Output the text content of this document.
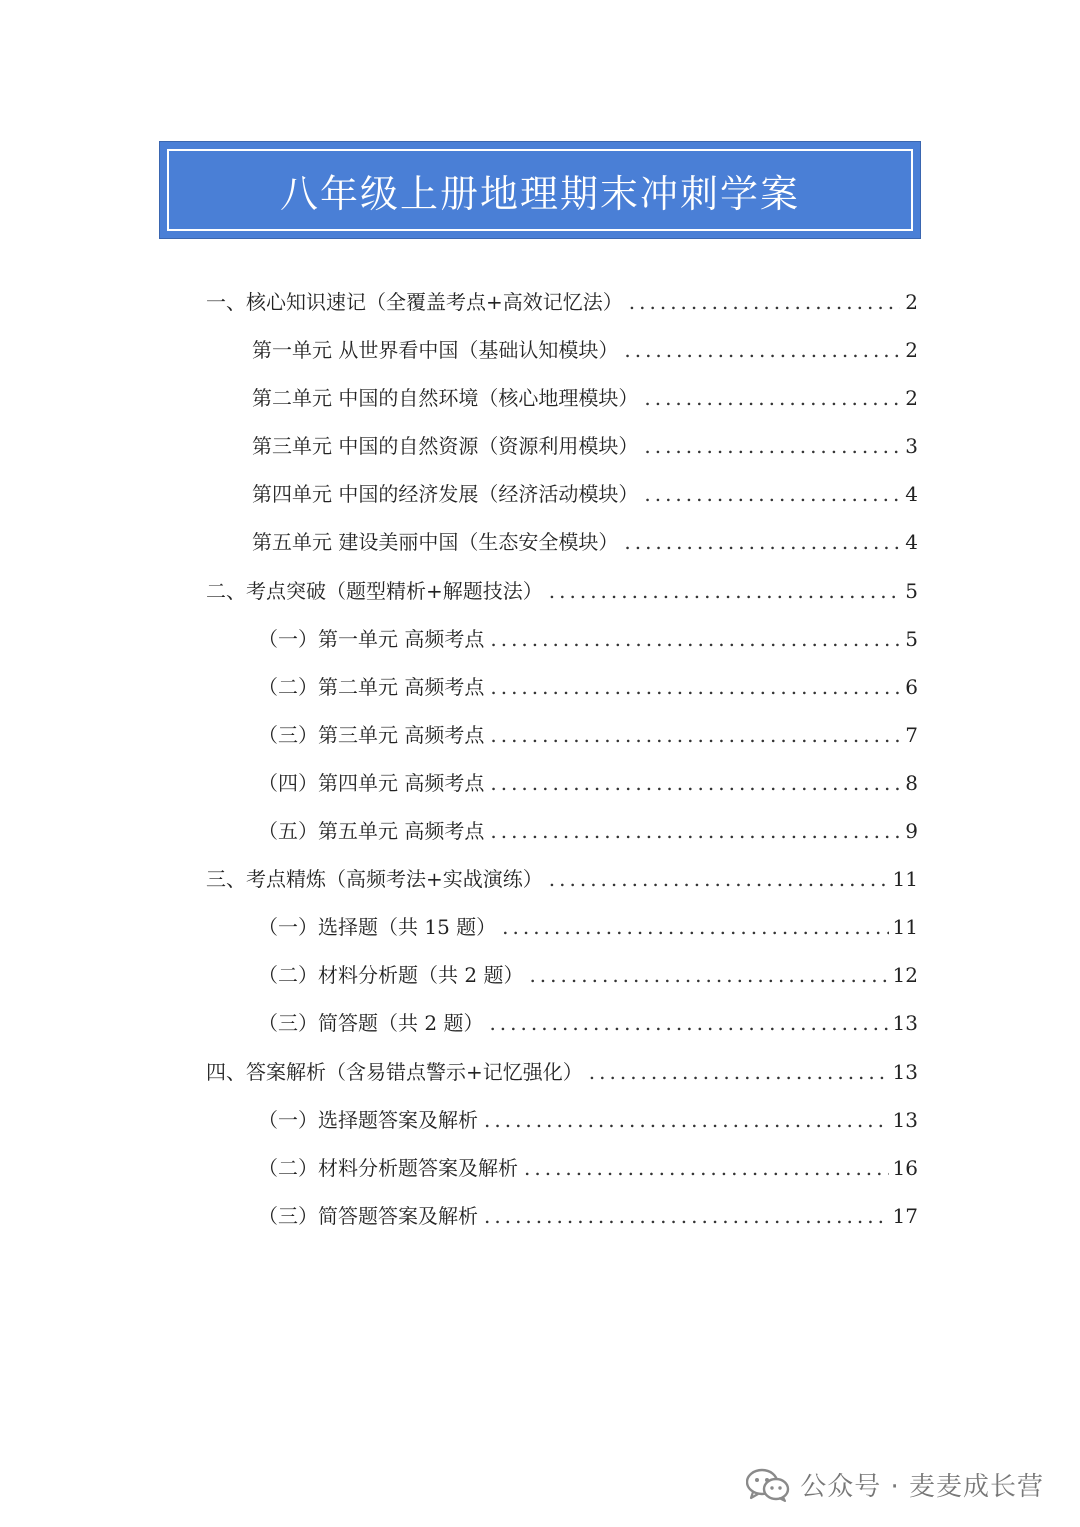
八年级上册地理期末冲刺学案
一、核心知识速记（全覆盖考点+高效记忆法） .....	2
第一单元 从世界看中国（基础认知模块） .....	2
第二单元 中国的自然环境（核心地理模块） .....	2
第三单元 中国的自然资源（资源利用模块） .....	3
第四单元 中国的经济发展（经济活动模块） .....	4
第五单元 建设美丽中国（生态安全模块） .....	4
二、考点突破（题型精析+解题技法） .....	5
（一）第一单元 高频考点 .....	5
（二）第二单元 高频考点 .....	6
（三）第三单元 高频考点 .....	7
（四）第四单元 高频考点 .....	8
（五）第五单元 高频考点 .....	9
三、考点精炼（高频考法+实战演练） .....	11
（一）选择题（共 15 题） .....	11
（二）材料分析题（共 2 题） .....	12
（三）简答题（共 2 题） .....	13
四、答案解析（含易错点警示+记忆强化） .....	13
（一）选择题答案及解析 .....	13
（二）材料分析题答案及解析 .....	16
（三）简答题答案及解析 .....	17
公众号 · 麦麦成长营
